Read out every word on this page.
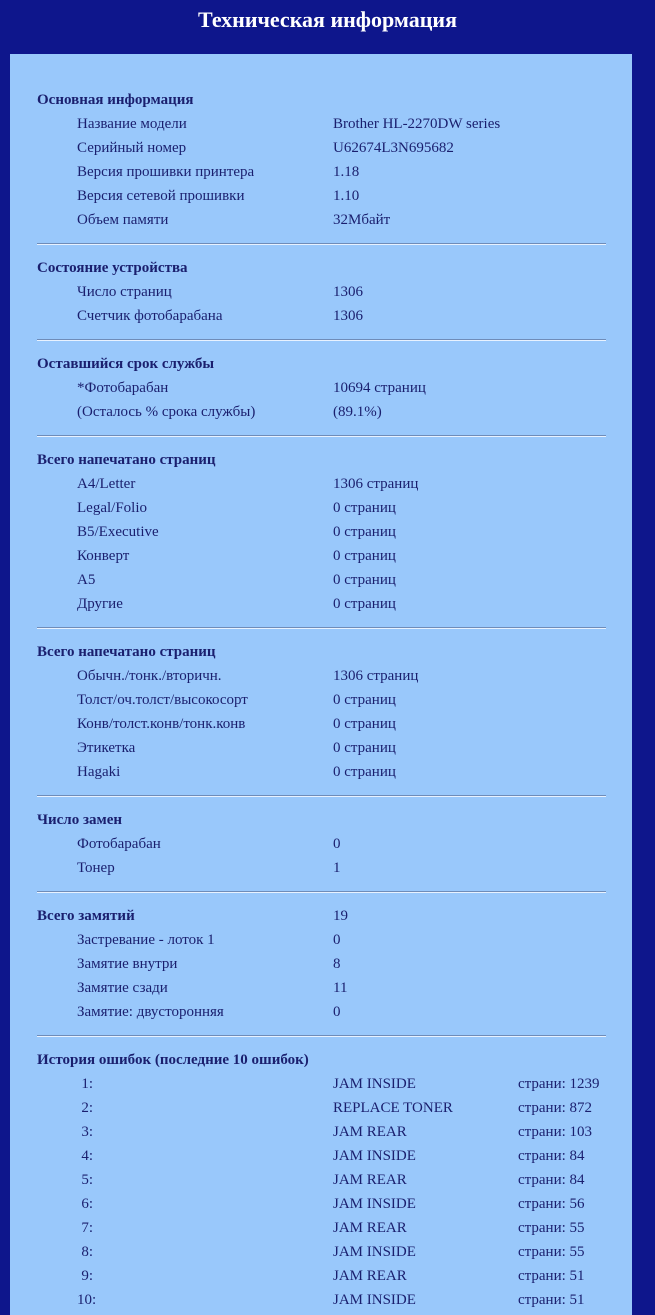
Техническая информация
Основная информация
Название модели	Brother HL-2270DW series
Серийный номер	U62674L3N695682
Версия прошивки принтера	1.18
Версия сетевой прошивки	1.10
Объем памяти	32Мбайт
Состояние устройства
Число страниц	1306
Счетчик фотобарабана	1306
Оставшийся срок службы
*Фотобарабан	10694 страниц
(Осталось % срока службы)	(89.1%)
Всего напечатано страниц
A4/Letter	1306 страниц
Legal/Folio	0 страниц
B5/Executive	0 страниц
Конверт	0 страниц
A5	0 страниц
Другие	0 страниц
Всего напечатано страниц
Обычн./тонк./вторичн.	1306 страниц
Толст/оч.толст/высокосорт	0 страниц
Конв/толст.конв/тонк.конв	0 страниц
Этикетка	0 страниц
Hagaki	0 страниц
Число замен
Фотобарабан	0
Тонер	1
Всего замятий	19
Застревание - лоток 1	0
Замятие внутри	8
Замятие сзади	11
Замятие: двусторонняя	0
История ошибок (последние 10 ошибок)
1:	JAM INSIDE	страни: 1239
2:	REPLACE TONER	страни: 872
3:	JAM REAR	страни: 103
4:	JAM INSIDE	страни: 84
5:	JAM REAR	страни: 84
6:	JAM INSIDE	страни: 56
7:	JAM REAR	страни: 55
8:	JAM INSIDE	страни: 55
9:	JAM REAR	страни: 51
10:	JAM INSIDE	страни: 51
